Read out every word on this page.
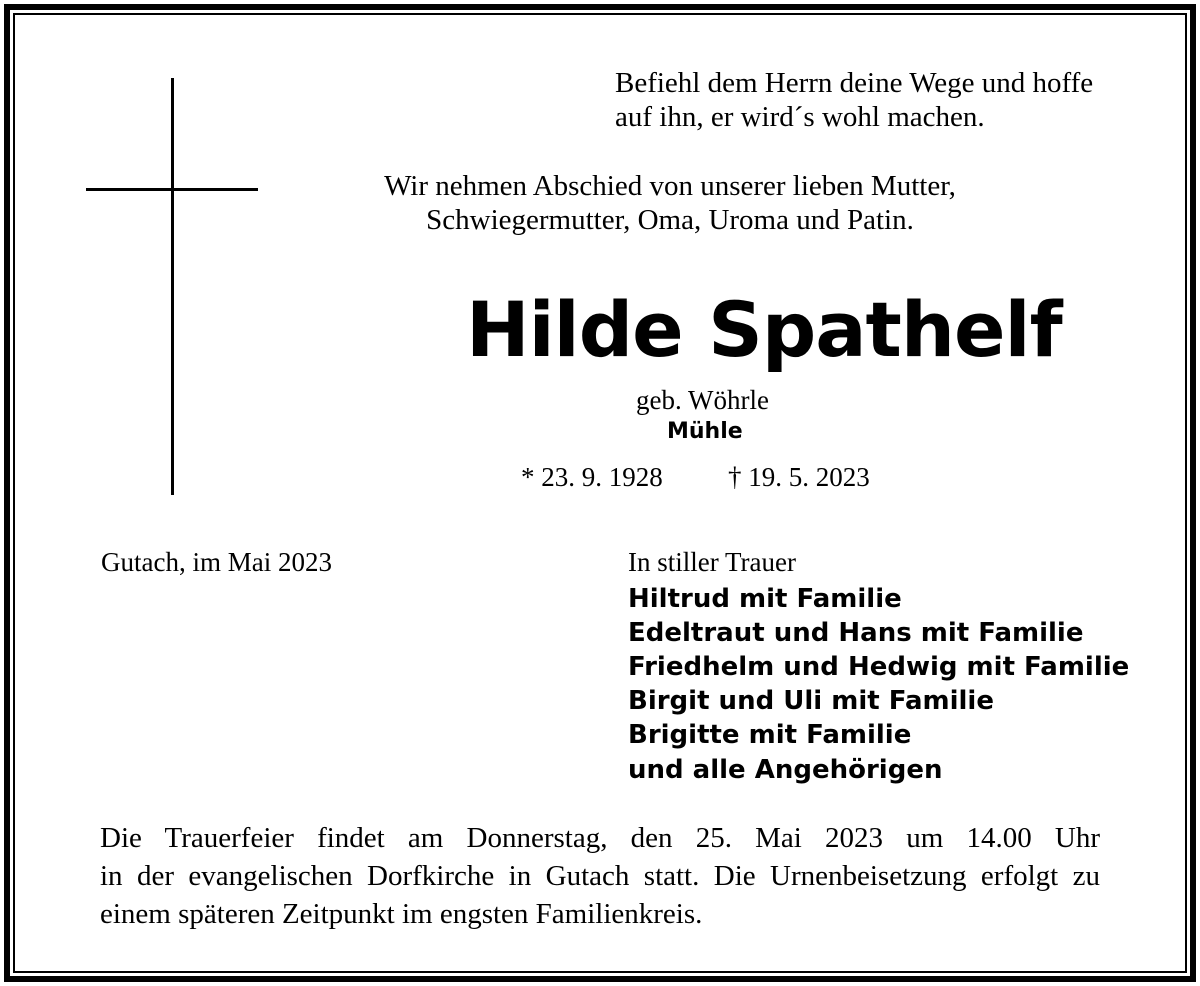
Befiehl dem Herrn deine Wege und hoffe
auf ihn, er wird´s wohl machen.
Wir nehmen Abschied von unserer lieben Mutter,
Schwiegermutter, Oma, Uroma und Patin.
Hilde Spathelf
geb. Wöhrle
Mühle
* 23. 9. 1928 † 19. 5. 2023
Gutach, im Mai 2023	In stiller Trauer
Hiltrud mit Familie
Edeltraut und Hans mit Familie
Friedhelm und Hedwig mit Familie
Birgit und Uli mit Familie
Brigitte mit Familie
und alle Angehörigen
Die Trauerfeier findet am Donnerstag, den 25. Mai 2023 um 14.00 Uhr
in der evangelischen Dorfkirche in Gutach statt. Die Urnenbeisetzung erfolgt zu
einem späteren Zeitpunkt im engsten Familienkreis.
